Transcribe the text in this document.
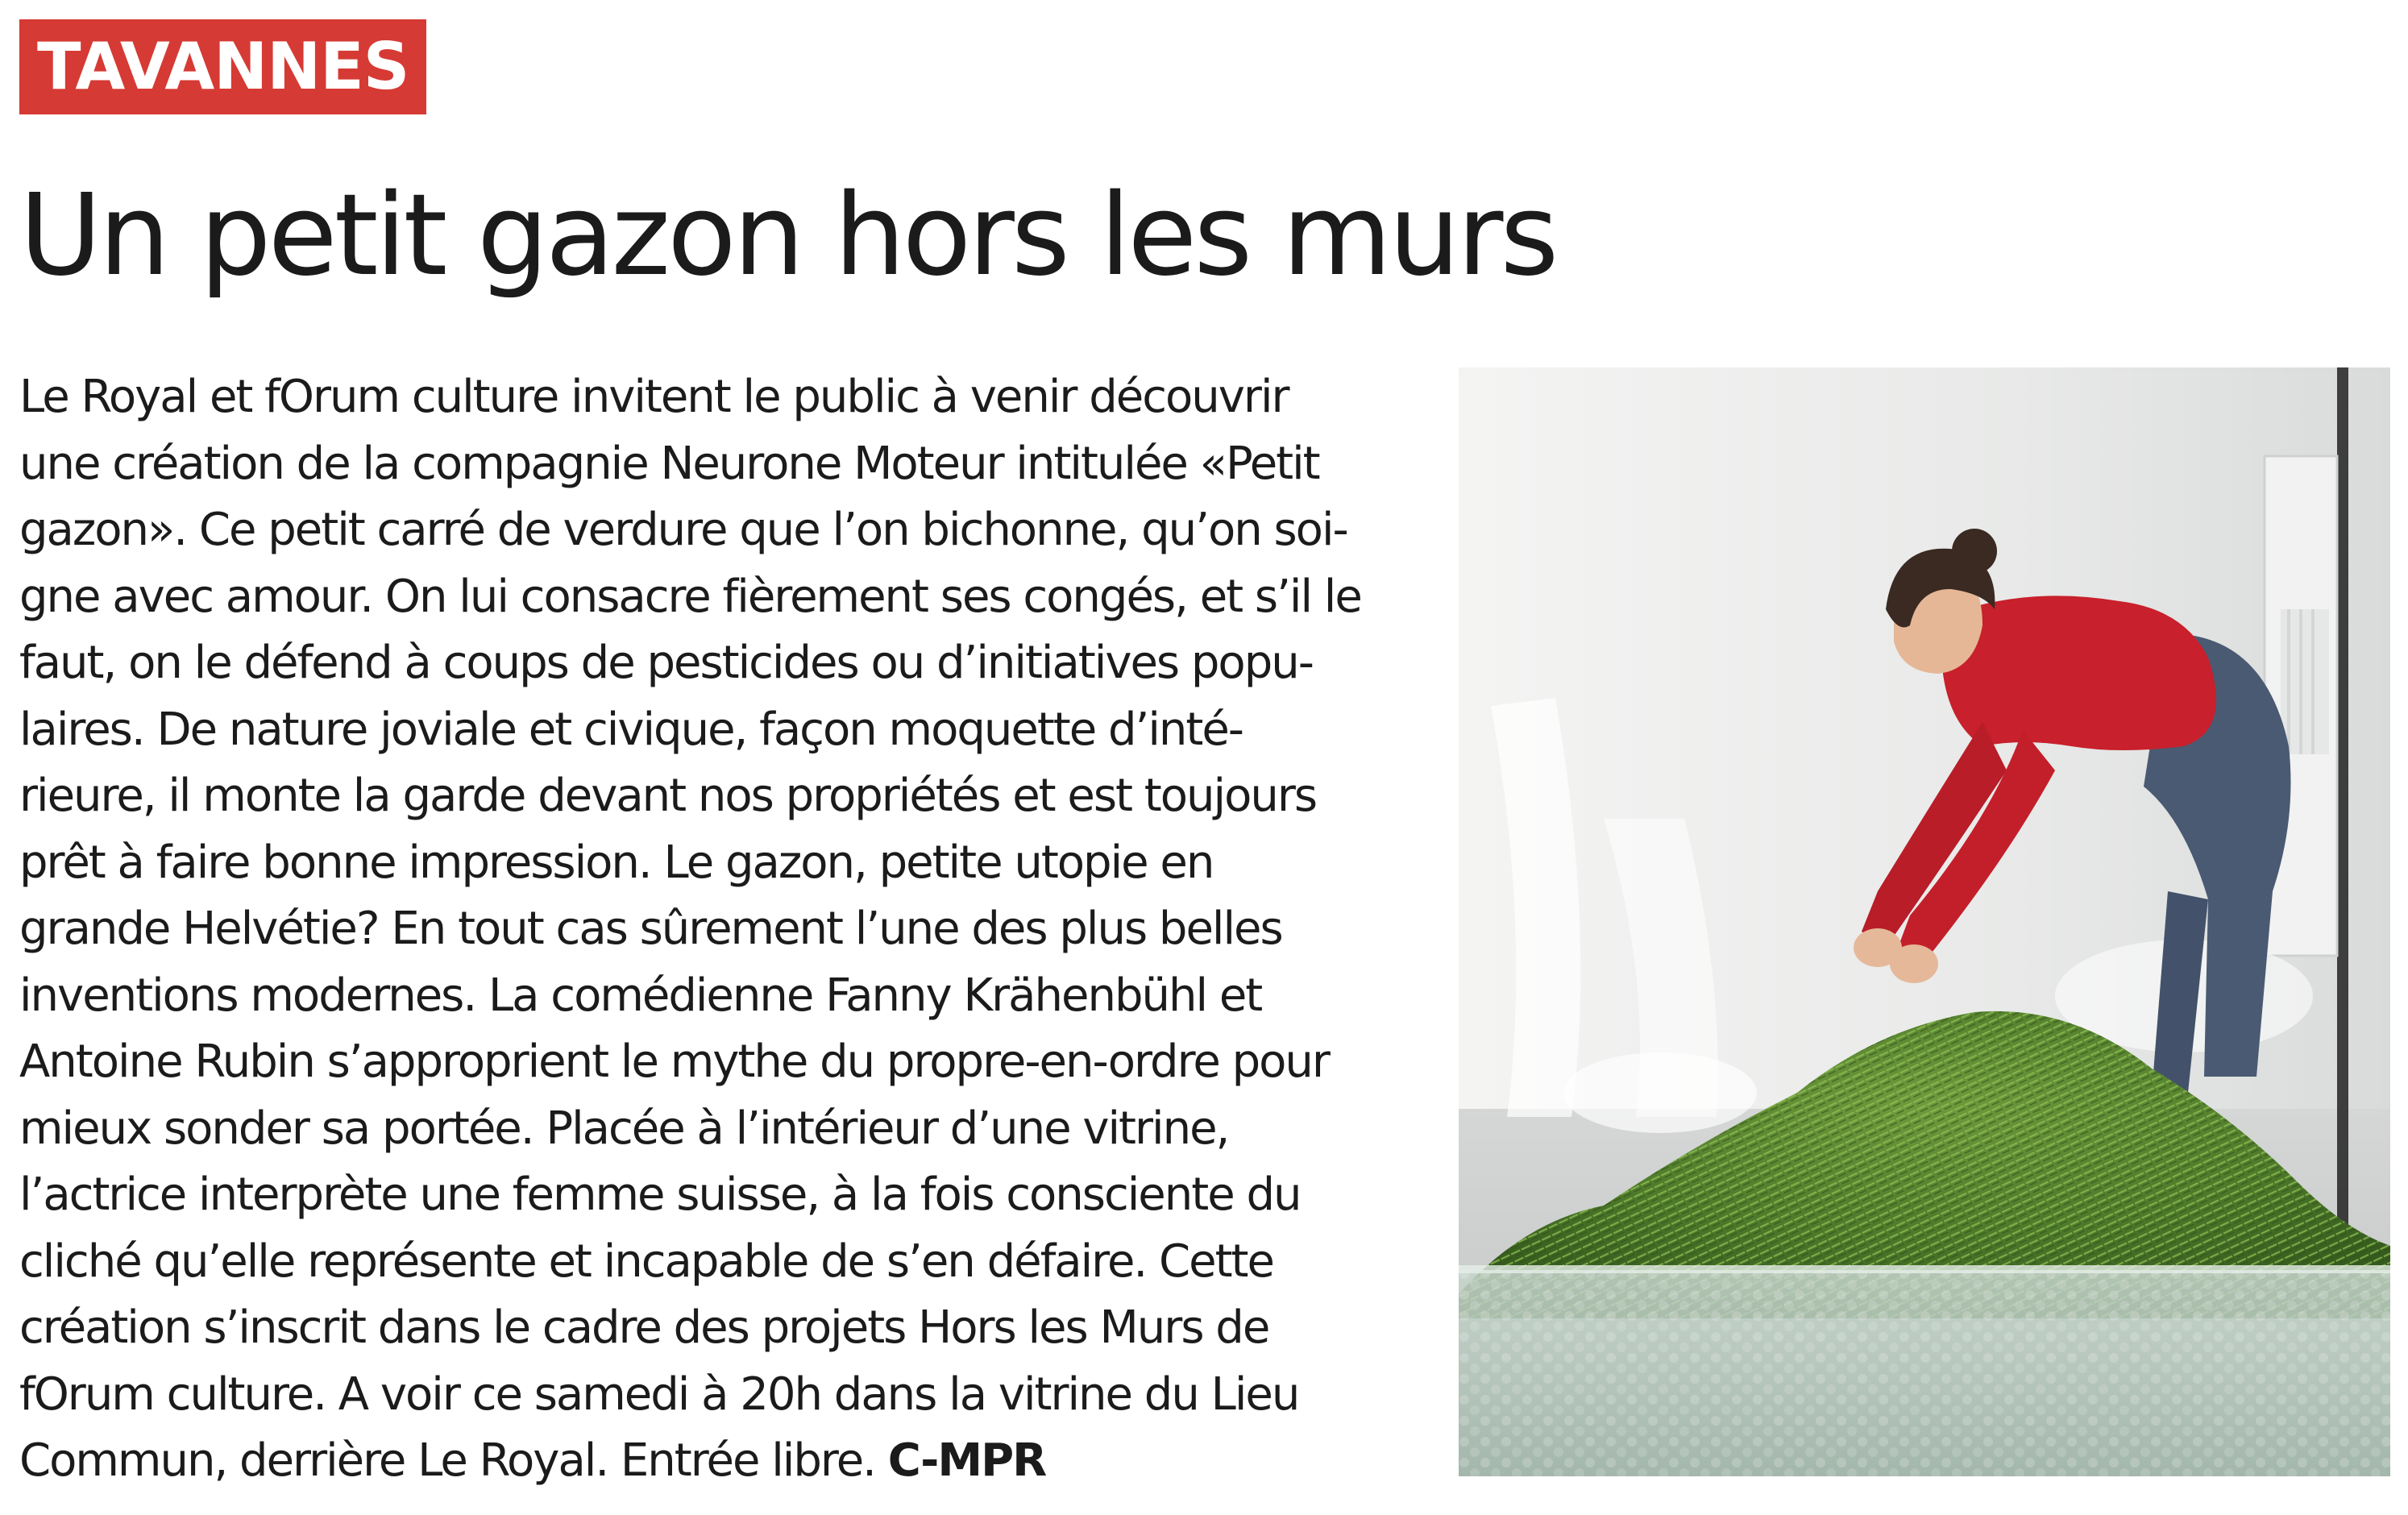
TAVANNES
Un petit gazon hors les murs

Le Royal et fOrum culture invitent le public à venir découvrir
une création de la compagnie Neurone Moteur intitulée «Petit
gazon». Ce petit carré de verdure que l’on bichonne, qu’on soi-
gne avec amour. On lui consacre fièrement ses congés, et s’il le
faut, on le défend à coups de pesticides ou d’initiatives popu-
laires. De nature joviale et civique, façon moquette d’inté-
rieure, il monte la garde devant nos propriétés et est toujours
prêt à faire bonne impression. Le gazon, petite utopie en
grande Helvétie? En tout cas sûrement l’une des plus belles
inventions modernes. La comédienne Fanny Krähenbühl et
Antoine Rubin s’approprient le mythe du propre-en-ordre pour
mieux sonder sa portée. Placée à l’intérieur d’une vitrine,
l’actrice interprète une femme suisse, à la fois consciente du
cliché qu’elle représente et incapable de s’en défaire. Cette
création s’inscrit dans le cadre des projets Hors les Murs de
fOrum culture. A voir ce samedi à 20h dans la vitrine du Lieu
Commun, derrière Le Royal. Entrée libre. C-MPR
